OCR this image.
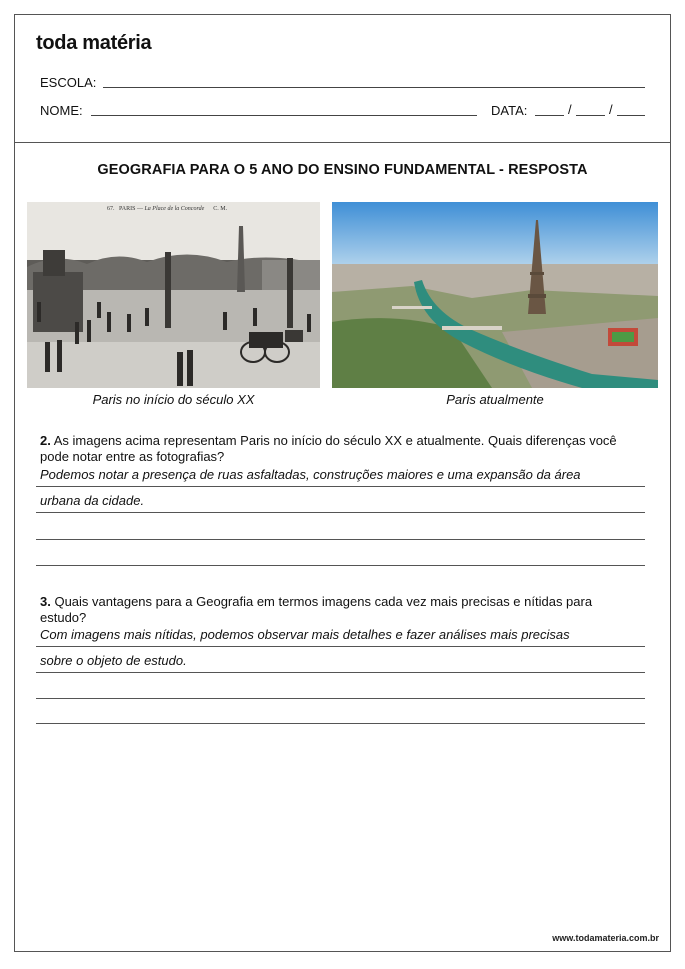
toda matéria
ESCOLA:
NOME:	DATA:	/	/
GEOGRAFIA PARA O 5 ANO DO ENSINO FUNDAMENTAL - RESPOSTA
67. PARIS — La Place de la Concorde C. M.
Paris no início do século XX	Paris atualmente
2. As imagens acima representam Paris no início do século XX e atualmente. Quais diferenças você pode notar entre as fotografias?
Podemos notar a presença de ruas asfaltadas, construções maiores e uma expansão da área
urbana da cidade.
3. Quais vantagens para a Geografia em termos imagens cada vez mais precisas e nítidas para estudo?
Com imagens mais nítidas, podemos observar mais detalhes e fazer análises mais precisas
sobre o objeto de estudo.
www.todamateria.com.br
